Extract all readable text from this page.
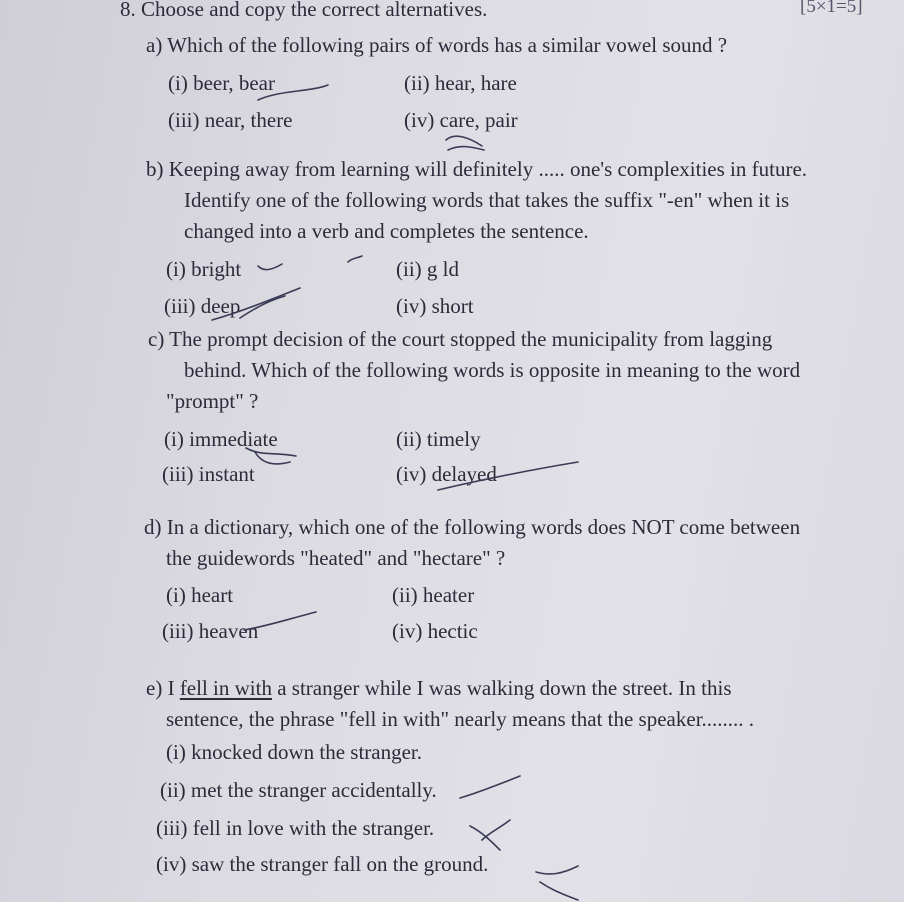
8. Choose and copy the correct alternatives.	[5×1=5]
a) Which of the following pairs of words has a similar vowel sound ?
(i) beer, bear	(ii) hear, hare
(iii) near, there	(iv) care, pair
b) Keeping away from learning will definitely ..... one's complexities in future.
Identify one of the following words that takes the suffix "-en" when it is
changed into a verb and completes the sentence.
(i) bright	(ii) g ld
(iii) deep	(iv) short
c) The prompt decision of the court stopped the municipality from lagging
behind. Which of the following words is opposite in meaning to the word
"prompt" ?
(i) immediate	(ii) timely
(iii) instant	(iv) delayed
d) In a dictionary, which one of the following words does NOT come between
the guidewords "heated" and "hectare" ?
(i) heart	(ii) heater
(iii) heaven	(iv) hectic
e) I fell in with a stranger while I was walking down the street. In this
sentence, the phrase "fell in with" nearly means that the speaker........ .
(i) knocked down the stranger.
(ii) met the stranger accidentally.
(iii) fell in love with the stranger.
(iv) saw the stranger fall on the ground.
